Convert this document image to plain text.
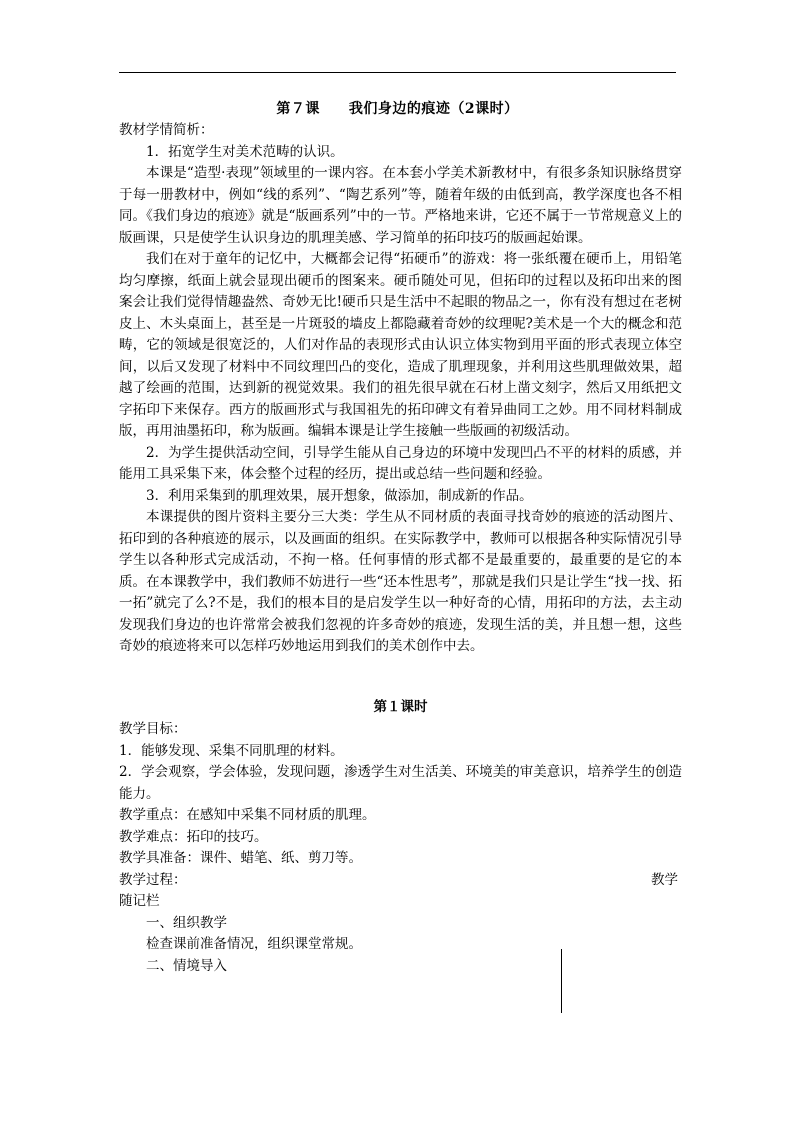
第７课　　我们身边的痕迹（2课时）

教材学情简析：

1．拓宽学生对美术范畴的认识。

本课是“造型·表现”领域里的一课内容。在本套小学美术新教材中，有很多条知识脉络贯穿于每一册教材中，例如“线的系列”、“陶艺系列”等，随着年级的由低到高，教学深度也各不相同。《我们身边的痕迹》就是“版画系列”中的一节。严格地来讲，它还不属于一节常规意义上的版画课，只是使学生认识身边的肌理美感、学习简单的拓印技巧的版画起始课。

我们在对于童年的记忆中，大概都会记得“拓硬币”的游戏：将一张纸覆在硬币上，用铅笔均匀摩擦，纸面上就会显现出硬币的图案来。硬币随处可见，但拓印的过程以及拓印出来的图案会让我们觉得情趣盎然、奇妙无比!硬币只是生活中不起眼的物品之一，你有没有想过在老树皮上、木头桌面上，甚至是一片斑驳的墙皮上都隐藏着奇妙的纹理呢?美术是一个大的概念和范畴，它的领域是很宽泛的，人们对作品的表现形式由认识立体实物到用平面的形式表现立体空间，以后又发现了材料中不同纹理凹凸的变化，造成了肌理现象，并利用这些肌理做效果，超越了绘画的范围，达到新的视觉效果。我们的祖先很早就在石材上凿文刻字，然后又用纸把文字拓印下来保存。西方的版画形式与我国祖先的拓印碑文有着异曲同工之妙。用不同材料制成版，再用油墨拓印，称为版画。编辑本课是让学生接触一些版画的初级活动。

2．为学生提供活动空间，引导学生能从自己身边的环境中发现凹凸不平的材料的质感，并能用工具采集下来，体会整个过程的经历，提出或总结一些问题和经验。

3．利用采集到的肌理效果，展开想象，做添加，制成新的作品。

本课提供的图片资料主要分三大类：学生从不同材质的表面寻找奇妙的痕迹的活动图片、拓印到的各种痕迹的展示，以及画面的组织。在实际教学中，教师可以根据各种实际情况引导学生以各种形式完成活动，不拘一格。任何事情的形式都不是最重要的，最重要的是它的本质。在本课教学中，我们教师不妨进行一些“还本性思考”，那就是我们只是让学生“找一找、拓一拓”就完了么?不是，我们的根本目的是启发学生以一种好奇的心情，用拓印的方法，去主动发现我们身边的也许常常会被我们忽视的许多奇妙的痕迹，发现生活的美，并且想一想，这些奇妙的痕迹将来可以怎样巧妙地运用到我们的美术创作中去。

第１课时

教学目标：

1．能够发现、采集不同肌理的材料。

2．学会观察，学会体验，发现问题，渗透学生对生活美、环境美的审美意识，培养学生的创造能力。

教学重点：在感知中采集不同材质的肌理。

教学难点：拓印的技巧。

教学具准备：课件、蜡笔、纸、剪刀等。

教学过程：	教学

随记栏

一、组织教学

检查课前准备情况，组织课堂常规。

二、情境导入
